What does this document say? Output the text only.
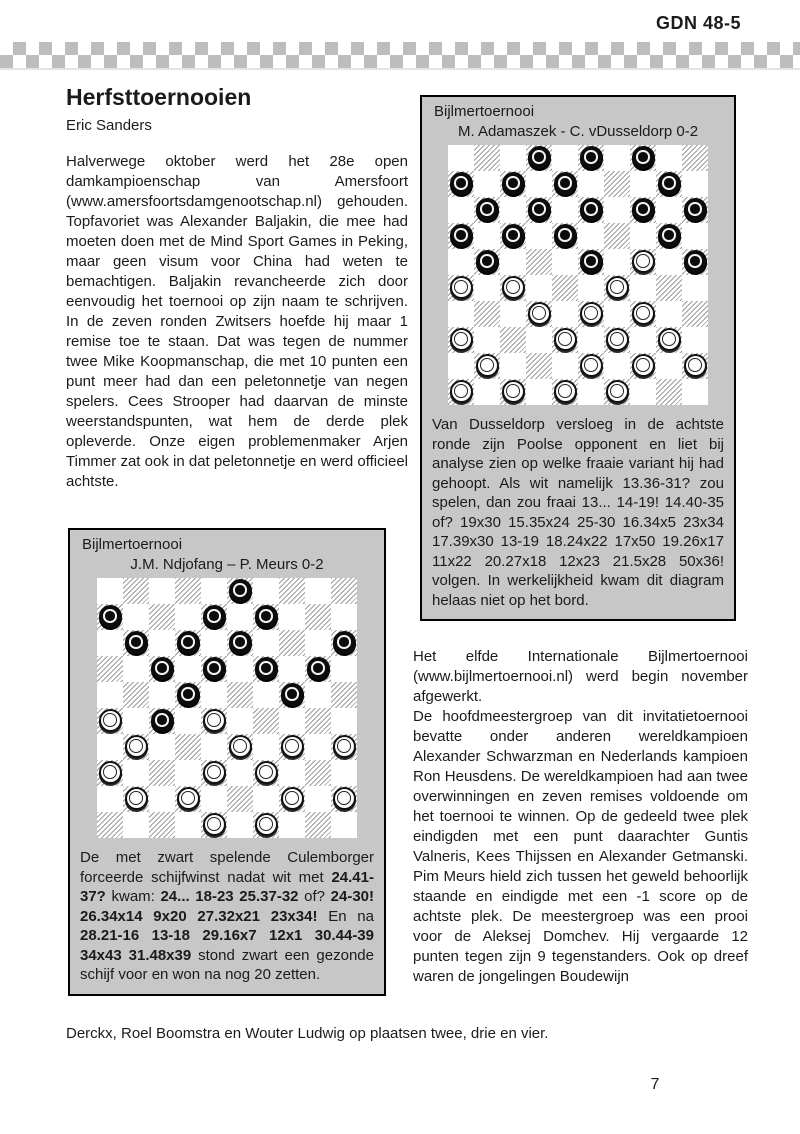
GDN 48-5
Herfsttoernooien
Eric Sanders

Halverwege oktober werd het 28e open damkampioenschap van Amersfoort (www.amersfoortsdamgenootschap.nl) gehouden. Topfavoriet was Alexander Baljakin, die mee had moeten doen met de Mind Sport Games in Peking, maar geen visum voor China had weten te bemachtigen. Baljakin revancheerde zich door eenvoudig het toernooi op zijn naam te schrijven. In de zeven ronden Zwitsers hoefde hij maar 1 remise toe te staan. Dat was tegen de nummer twee Mike Koopmanschap, die met 10 punten een punt meer had dan een peletonnetje van negen spelers. Cees Strooper had daarvan de minste weerstandspunten, wat hem de derde plek opleverde. Onze eigen problemenmaker Arjen Timmer zat ook in dat peletonnetje en werd officieel achtste.

Bijlmertoernooi
J.M. Ndjofang – P. Meurs 0-2

De met zwart spelende Culemborger forceerde schijfwinst nadat wit met 24.41-37? kwam: 24... 18-23 25.37-32 of? 24-30! 26.34x14 9x20 27.32x21 23x34! En na 28.21-16 13-18 29.16x7 12x1 30.44-39 34x43 31.48x39 stond zwart een gezonde schijf voor en won na nog 20 zetten.

Bijlmertoernooi
M. Adamaszek - C. vDusseldorp 0-2

Van Dusseldorp versloeg in de achtste ronde zijn Poolse opponent en liet bij analyse zien op welke fraaie variant hij had gehoopt. Als wit namelijk 13.36-31? zou spelen, dan zou fraai 13... 14-19! 14.40-35 of? 19x30 15.35x24 25-30 16.34x5 23x34 17.39x30 13-19 18.24x22 17x50 19.26x17 11x22 20.27x18 12x23 21.5x28 50x36! volgen. In werkelijkheid kwam dit diagram helaas niet op het bord.

Het elfde Internationale Bijlmertoernooi (www.bijlmertoernooi.nl) werd begin november afgewerkt.

De hoofdmeestergroep van dit invitatietoernooi bevatte onder anderen wereldkampioen Alexander Schwarzman en Nederlands kampioen Ron Heusdens. De wereldkampioen had aan twee overwinningen en zeven remises voldoende om het toernooi te winnen. Op de gedeeld twee plek eindigden met een punt daarachter Guntis Valneris, Kees Thijssen en Alexander Getmanski. Pim Meurs hield zich tussen het geweld behoorlijk staande en eindigde met een -1 score op de achtste plek. De meestergroep was een prooi voor de Aleksej Domchev. Hij vergaarde 12 punten tegen zijn 9 tegenstanders. Ook op dreef waren de jongelingen Boudewijn

Derckx, Roel Boomstra en Wouter Ludwig op plaatsen twee, drie en vier.
7
